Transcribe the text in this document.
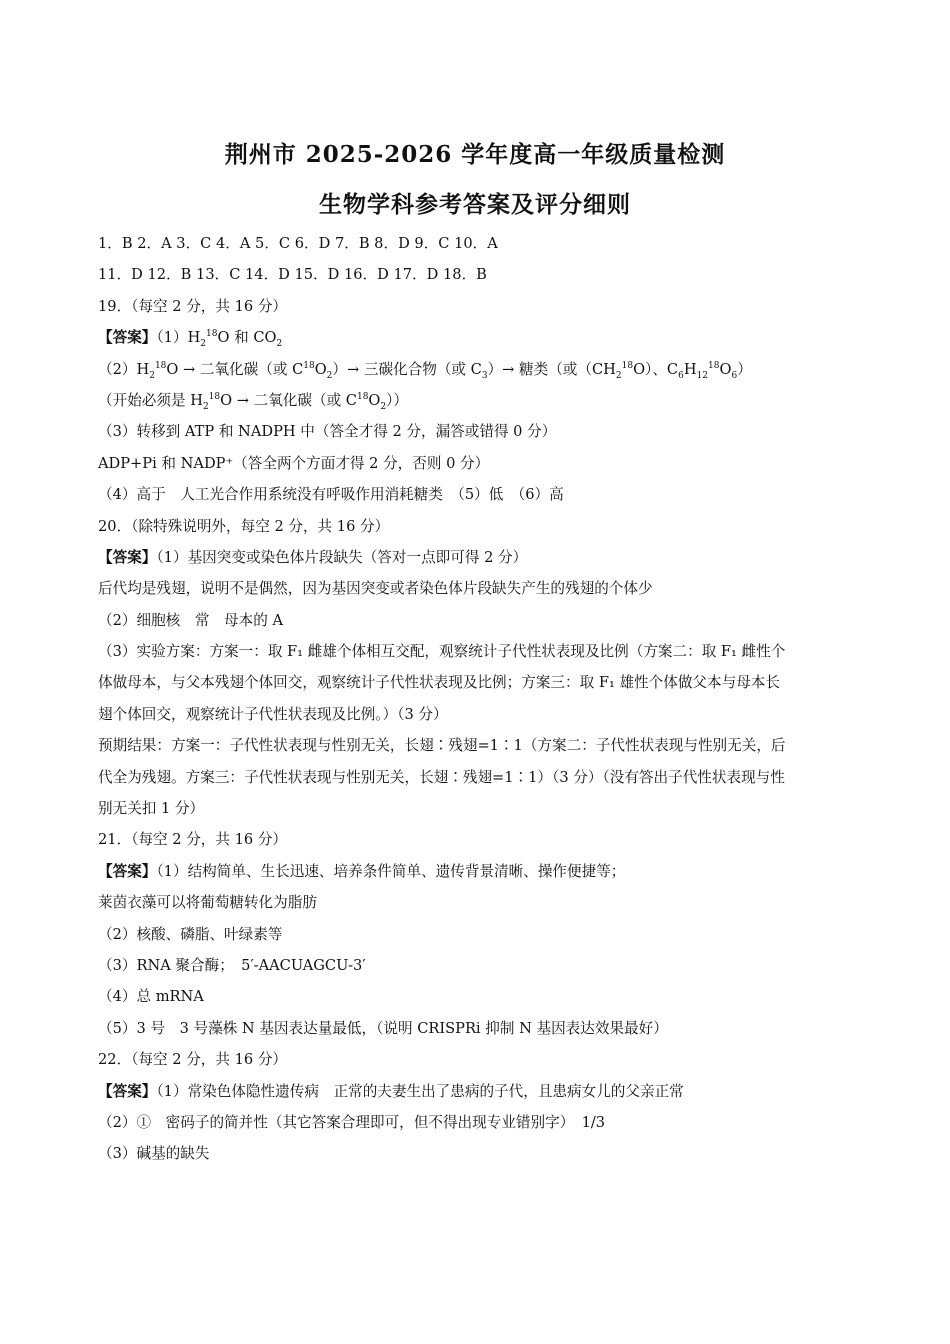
荆州市 2025-2026 学年度高一年级质量检测
生物学科参考答案及评分细则
1．B 2．A 3．C 4．A 5．C 6．D 7．B 8．D 9．C 10．A
11．D 12．B 13．C 14．D 15．D 16．D 17．D 18．B
19．（每空 2 分，共 16 分）
【答案】$(1)H_2^{18}O$ 和 $CO_2$
$(2)H_2^{18}O$ → 二氧化碳（或 $C^{18}O_2)\to$ 三碳化合物（或 $C_3)\to$ 糖类（或$(CH_2^{18}O)$、$C_6H_{12}^{18}O_6$）
（开始必须是 $H_2^{18}O$ → 二氧化碳（或 $C^{18}O_2$））
（3）转移到 ATP 和 NADPH 中（答全才得 2 分，漏答或错得 0 分）
ADP+Pi 和 NADP⁺（答全两个方面才得 2 分，否则 0 分）
（4）高于　人工光合作用系统没有呼吸作用消耗糖类　（5）低　（6）高
20．（除特殊说明外，每空 2 分，共 16 分）
【答案】（1）基因突变或染色体片段缺失（答对一点即可得 2 分）
后代均是残翅，说明不是偶然，因为基因突变或者染色体片段缺失产生的残翅的个体少
（2）细胞核　常　母本的 A
（3）实验方案：方案一：取 F₁ 雌雄个体相互交配，观察统计子代性状表现及比例（方案二：取 F₁ 雌性个
体做母本，与父本残翅个体回交，观察统计子代性状表现及比例；方案三：取 F₁ 雄性个体做父本与母本长
翅个体回交，观察统计子代性状表现及比例。）（3 分）
预期结果：方案一：子代性状表现与性别无关，长翅∶残翅=1∶1（方案二：子代性状表现与性别无关，后
代全为残翅。方案三：子代性状表现与性别无关，长翅∶残翅=1∶1）（3 分）（没有答出子代性状表现与性
别无关扣 1 分）
21．（每空 2 分，共 16 分）
【答案】（1）结构简单、生长迅速、培养条件简单、遗传背景清晰、操作便捷等；
莱茵衣藻可以将葡萄糖转化为脂肪
（2）核酸、磷脂、叶绿素等
（3）RNA 聚合酶；　5′-AACUAGCU-3′
（4）总 mRNA
（5）3 号　3 号藻株 N 基因表达量最低，（说明 CRISPRi 抑制 N 基因表达效果最好）
22．（每空 2 分，共 16 分）
【答案】（1）常染色体隐性遗传病　正常的夫妻生出了患病的子代，且患病女儿的父亲正常
（2）①　密码子的简并性（其它答案合理即可，但不得出现专业错别字）　1/3
（3）碱基的缺失
